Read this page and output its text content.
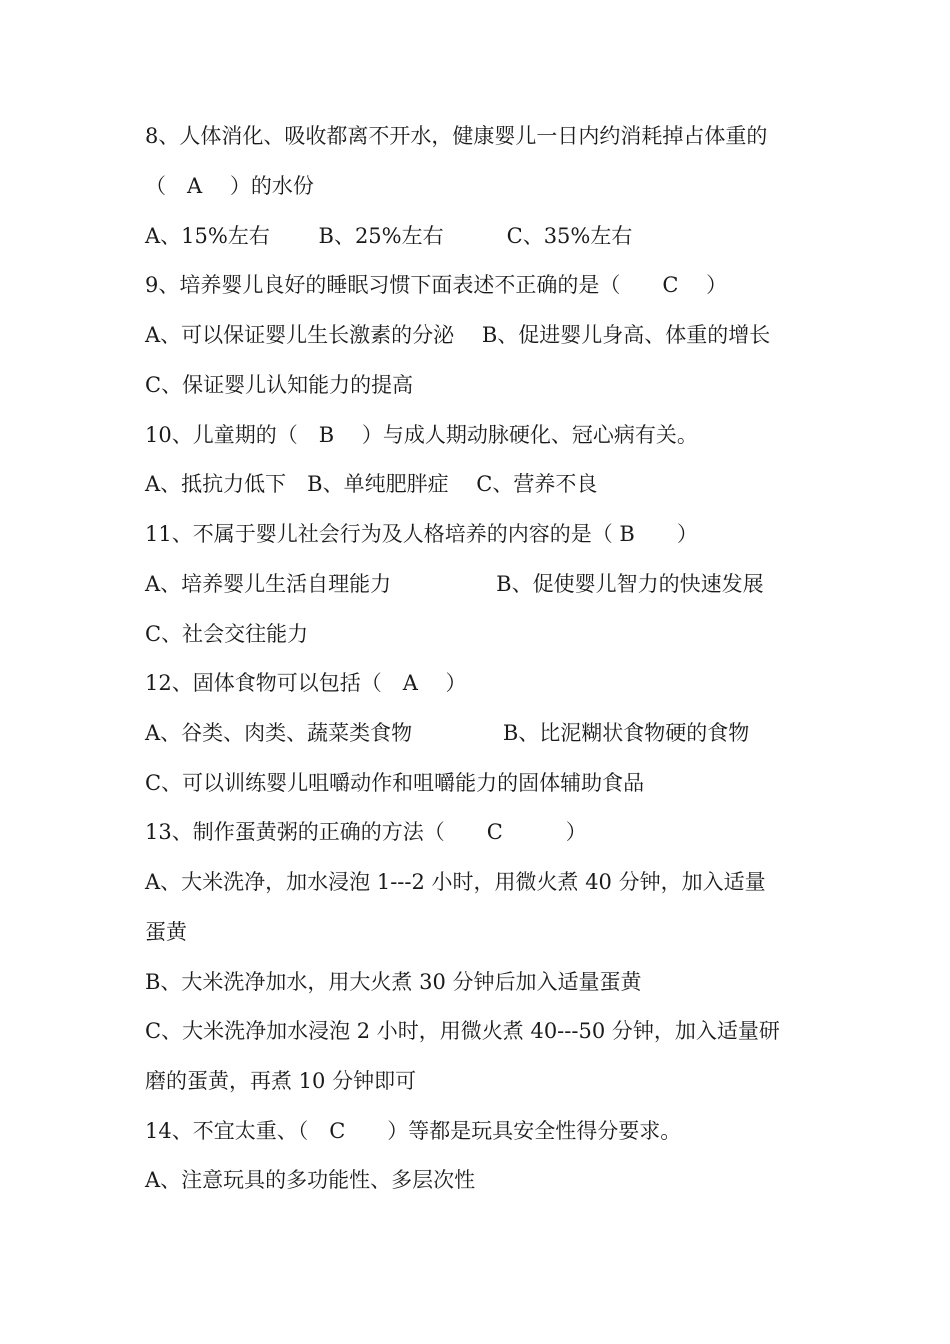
8、人体消化、吸收都离不开水，健康婴儿一日内约消耗掉占体重的
（　A　 ）的水份
A、15%左右　　 B、25%左右　　　C、35%左右
9、培养婴儿良好的睡眠习惯下面表述不正确的是（　　C　 ）
A、可以保证婴儿生长激素的分泌　 B、促进婴儿身高、体重的增长
C、保证婴儿认知能力的提高
10、儿童期的（　B　 ）与成人期动脉硬化、冠心病有关。
A、抵抗力低下　B、单纯肥胖症　 C、营养不良
11、不属于婴儿社会行为及人格培养的内容的是（ B　　）
A、培养婴儿生活自理能力　　　　　B、促使婴儿智力的快速发展
C、社会交往能力
12、固体食物可以包括（　A　 ）
A、谷类、肉类、蔬菜类食物　　　　 B、比泥糊状食物硬的食物
C、可以训练婴儿咀嚼动作和咀嚼能力的固体辅助食品
13、制作蛋黄粥的正确的方法（　　C　　　）
A、大米洗净，加水浸泡 1---2 小时，用微火煮 40 分钟，加入适量
蛋黄
B、大米洗净加水，用大火煮 30 分钟后加入适量蛋黄
C、大米洗净加水浸泡 2 小时，用微火煮 40---50 分钟，加入适量研
磨的蛋黄，再煮 10 分钟即可
14、不宜太重、（　C　　）等都是玩具安全性得分要求。
A、注意玩具的多功能性、多层次性
